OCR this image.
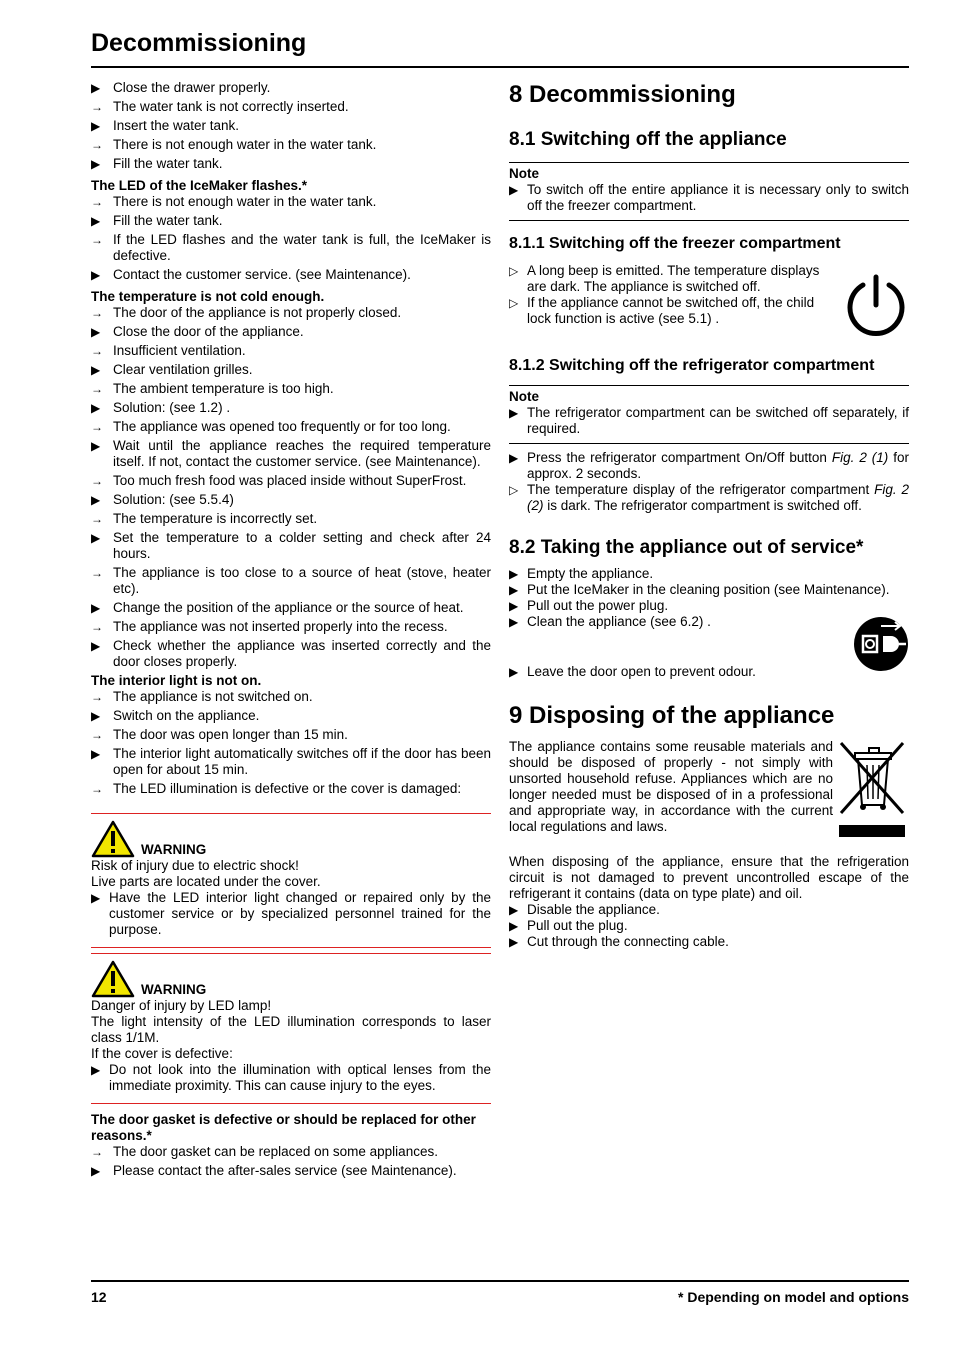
Decommissioning
▶ Close the drawer properly.
→ The water tank is not correctly inserted.
▶ Insert the water tank.
→ There is not enough water in the water tank.
▶ Fill the water tank.
The LED of the IceMaker flashes.*
→ There is not enough water in the water tank.
▶ Fill the water tank.
→ If the LED flashes and the water tank is full, the IceMaker is defective.
▶ Contact the customer service. (see Maintenance).
The temperature is not cold enough.
→ The door of the appliance is not properly closed.
▶ Close the door of the appliance.
→ Insufficient ventilation.
▶ Clear ventilation grilles.
→ The ambient temperature is too high.
▶ Solution: (see 1.2) .
→ The appliance was opened too frequently or for too long.
▶ Wait until the appliance reaches the required temperature itself. If not, contact the customer service. (see Maintenance).
→ Too much fresh food was placed inside without SuperFrost.
▶ Solution: (see 5.5.4)
→ The temperature is incorrectly set.
▶ Set the temperature to a colder setting and check after 24 hours.
→ The appliance is too close to a source of heat (stove, heater etc).
▶ Change the position of the appliance or the source of heat.
→ The appliance was not inserted properly into the recess.
▶ Check whether the appliance was inserted correctly and the door closes properly.
The interior light is not on.
→ The appliance is not switched on.
▶ Switch on the appliance.
→ The door was open longer than 15 min.
▶ The interior light automatically switches off if the door has been open for about 15 min.
→ The LED illumination is defective or the cover is damaged:
WARNING
Risk of injury due to electric shock!
Live parts are located under the cover.
▶ Have the LED interior light changed or repaired only by the customer service or by specialized personnel trained for the purpose.
WARNING
Danger of injury by LED lamp!
The light intensity of the LED illumination corresponds to laser class 1/1M.
If the cover is defective:
▶ Do not look into the illumination with optical lenses from the immediate proximity. This can cause injury to the eyes.
The door gasket is defective or should be replaced for other reasons.*
→ The door gasket can be replaced on some appliances.
▶ Please contact the after-sales service (see Maintenance).
8 Decommissioning
8.1 Switching off the appliance
Note
▶ To switch off the entire appliance it is necessary only to switch off the freezer compartment.
8.1.1 Switching off the freezer compartment
▷ A long beep is emitted. The temperature displays are dark. The appliance is switched off.
▷ If the appliance cannot be switched off, the child lock function is active (see 5.1) .
8.1.2 Switching off the refrigerator compartment
Note
▶ The refrigerator compartment can be switched off separately, if required.
▶ Press the refrigerator compartment On/Off button Fig. 2 (1) for approx. 2 seconds.
▷ The temperature display of the refrigerator compartment Fig. 2 (2) is dark. The refrigerator compartment is switched off.
8.2 Taking the appliance out of service*
▶ Empty the appliance.
▶ Put the IceMaker in the cleaning position (see Maintenance).
▶ Pull out the power plug.
▶ Clean the appliance (see 6.2) .
▶ Leave the door open to prevent odour.
9 Disposing of the appliance
The appliance contains some reusable materials and should be disposed of properly - not simply with unsorted household refuse. Appliances which are no longer needed must be disposed of in a professional and appropriate way, in accordance with the current local regulations and laws.
When disposing of the appliance, ensure that the refrigeration circuit is not damaged to prevent uncontrolled escape of the refrigerant it contains (data on type plate) and oil.
▶ Disable the appliance.
▶ Pull out the plug.
▶ Cut through the connecting cable.
12	* Depending on model and options
